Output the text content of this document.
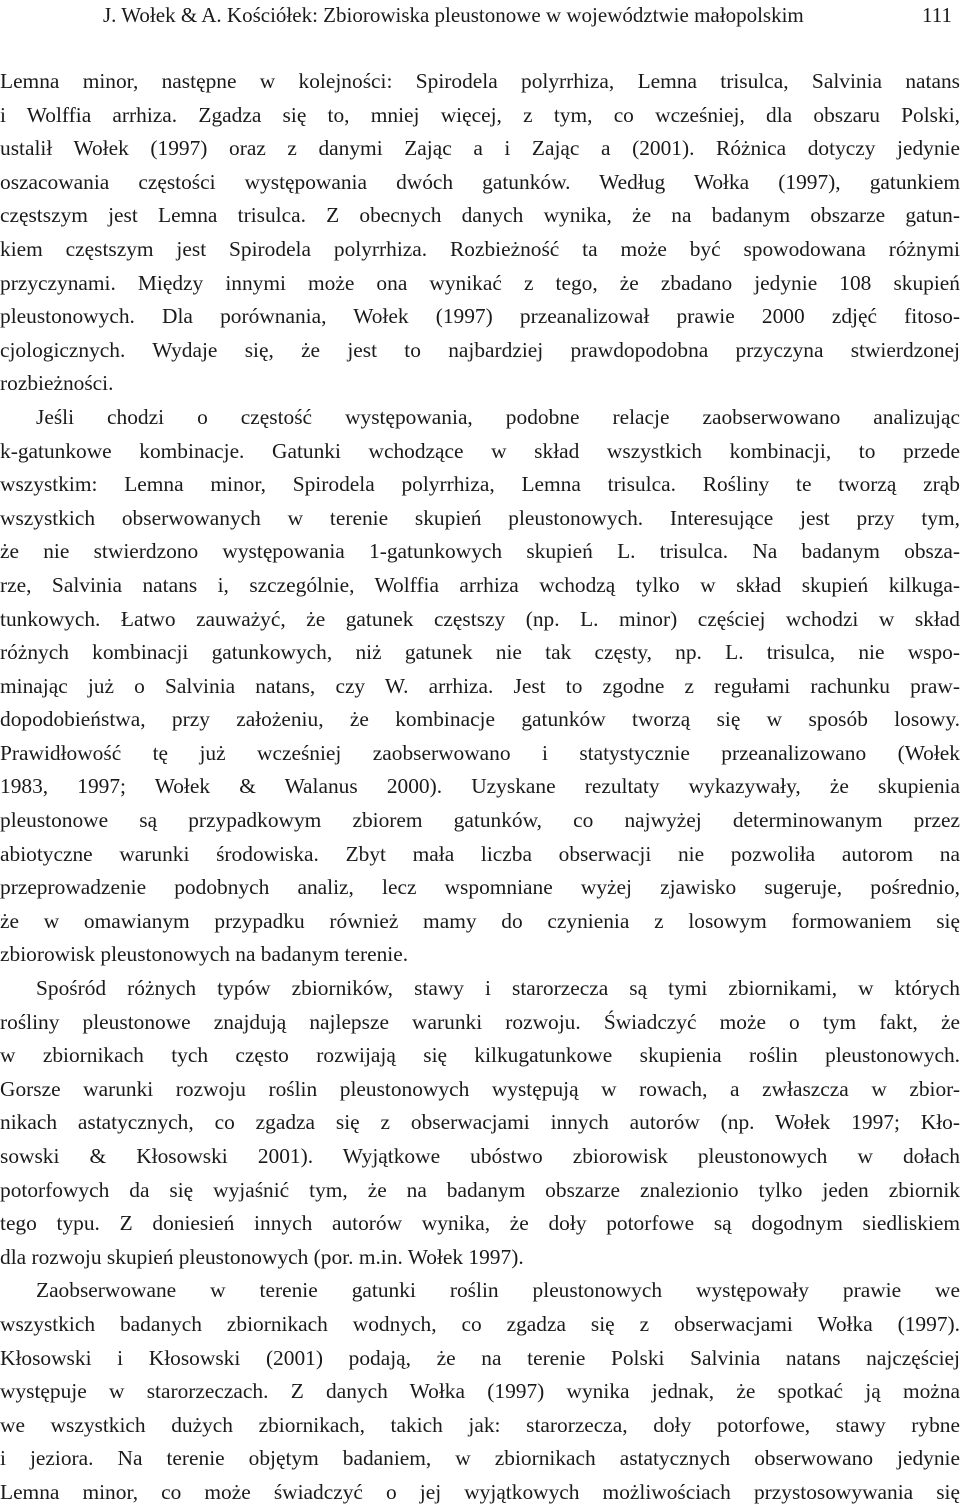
J. Wołek & A. Kościółek: Zbiorowiska pleustonowe w województwie małopolskim	111
Lemna minor, następne w kolejności: Spirodela polyrrhiza, Lemna trisulca, Salvinia natans
i Wolffia arrhiza. Zgadza się to, mniej więcej, z tym, co wcześniej, dla obszaru Polski,
ustalił Wołek (1997) oraz z danymi Zając a i Zając a (2001). Różnica dotyczy jedynie
oszacowania częstości występowania dwóch gatunków. Według Wołka (1997), gatunkiem
częstszym jest Lemna trisulca. Z obecnych danych wynika, że na badanym obszarze gatun-
kiem częstszym jest Spirodela polyrrhiza. Rozbieżność ta może być spowodowana różnymi
przyczynami. Między innymi może ona wynikać z tego, że zbadano jedynie 108 skupień
pleustonowych. Dla porównania, Wołek (1997) przeanalizował prawie 2000 zdjęć fitoso-
cjologicznych. Wydaje się, że jest to najbardziej prawdopodobna przyczyna stwierdzonej
rozbieżności.
Jeśli chodzi o częstość występowania, podobne relacje zaobserwowano analizując
k-gatunkowe kombinacje. Gatunki wchodzące w skład wszystkich kombinacji, to przede
wszystkim: Lemna minor, Spirodela polyrrhiza, Lemna trisulca. Rośliny te tworzą zrąb
wszystkich obserwowanych w terenie skupień pleustonowych. Interesujące jest przy tym,
że nie stwierdzono występowania 1-gatunkowych skupień L. trisulca. Na badanym obsza-
rze, Salvinia natans i, szczególnie, Wolffia arrhiza wchodzą tylko w skład skupień kilkuga-
tunkowych. Łatwo zauważyć, że gatunek częstszy (np. L. minor) częściej wchodzi w skład
różnych kombinacji gatunkowych, niż gatunek nie tak częsty, np. L. trisulca, nie wspo-
minając już o Salvinia natans, czy W. arrhiza. Jest to zgodne z regułami rachunku praw-
dopodobieństwa, przy założeniu, że kombinacje gatunków tworzą się w sposób losowy.
Prawidłowość tę już wcześniej zaobserwowano i statystycznie przeanalizowano (Wołek
1983, 1997; Wołek & Walanus 2000). Uzyskane rezultaty wykazywały, że skupienia
pleustonowe są przypadkowym zbiorem gatunków, co najwyżej determinowanym przez
abiotyczne warunki środowiska. Zbyt mała liczba obserwacji nie pozwoliła autorom na
przeprowadzenie podobnych analiz, lecz wspomniane wyżej zjawisko sugeruje, pośrednio,
że w omawianym przypadku również mamy do czynienia z losowym formowaniem się
zbiorowisk pleustonowych na badanym terenie.
Spośród różnych typów zbiorników, stawy i starorzecza są tymi zbiornikami, w których
rośliny pleustonowe znajdują najlepsze warunki rozwoju. Świadczyć może o tym fakt, że
w zbiornikach tych często rozwijają się kilkugatunkowe skupienia roślin pleustonowych.
Gorsze warunki rozwoju roślin pleustonowych występują w rowach, a zwłaszcza w zbior-
nikach astatycznych, co zgadza się z obserwacjami innych autorów (np. Wołek 1997; Kło-
sowski & Kłosowski 2001). Wyjątkowe ubóstwo zbiorowisk pleustonowych w dołach
potorfowych da się wyjaśnić tym, że na badanym obszarze znalezionio tylko jeden zbiornik
tego typu. Z doniesień innych autorów wynika, że doły potorfowe są dogodnym siedliskiem
dla rozwoju skupień pleustonowych (por. m.in. Wołek 1997).
Zaobserwowane w terenie gatunki roślin pleustonowych występowały prawie we
wszystkich badanych zbiornikach wodnych, co zgadza się z obserwacjami Wołka (1997).
Kłosowski i Kłosowski (2001) podają, że na terenie Polski Salvinia natans najczęściej
występuje w starorzeczach. Z danych Wołka (1997) wynika jednak, że spotkać ją można
we wszystkich dużych zbiornikach, takich jak: starorzecza, doły potorfowe, stawy rybne
i jeziora. Na terenie objętym badaniem, w zbiornikach astatycznych obserwowano jedynie
Lemna minor, co może świadczyć o jej wyjątkowych możliwościach przystosowywania się
